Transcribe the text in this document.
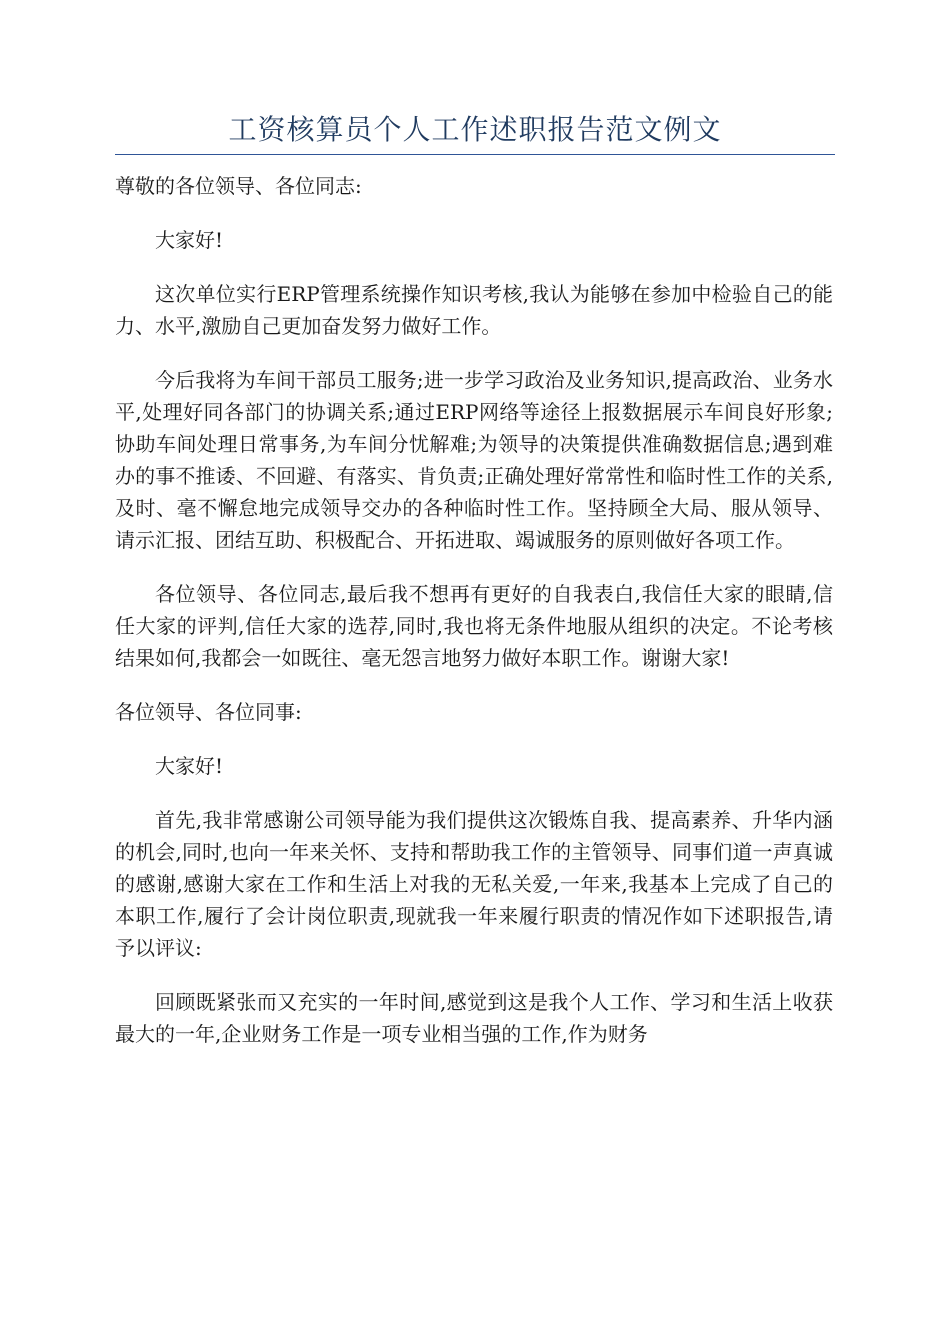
工资核算员个人工作述职报告范文例文

尊敬的各位领导、各位同志:

大家好!

这次单位实行ERP管理系统操作知识考核,我认为能够在参加中检验自己的能力、水平,激励自己更加奋发努力做好工作。

今后我将为车间干部员工服务;进一步学习政治及业务知识,提高政治、业务水平,处理好同各部门的协调关系;通过ERP网络等途径上报数据展示车间良好形象;协助车间处理日常事务,为车间分忧解难;为领导的决策提供准确数据信息;遇到难办的事不推诿、不回避、有落实、肯负责;正确处理好常常性和临时性工作的关系,及时、毫不懈怠地完成领导交办的各种临时性工作。坚持顾全大局、服从领导、请示汇报、团结互助、积极配合、开拓进取、竭诚服务的原则做好各项工作。

各位领导、各位同志,最后我不想再有更好的自我表白,我信任大家的眼睛,信任大家的评判,信任大家的选荐,同时,我也将无条件地服从组织的决定。不论考核结果如何,我都会一如既往、毫无怨言地努力做好本职工作。谢谢大家!

各位领导、各位同事:

大家好!

首先,我非常感谢公司领导能为我们提供这次锻炼自我、提高素养、升华内涵的机会,同时,也向一年来关怀、支持和帮助我工作的主管领导、同事们道一声真诚的感谢,感谢大家在工作和生活上对我的无私关爱,一年来,我基本上完成了自己的本职工作,履行了会计岗位职责,现就我一年来履行职责的情况作如下述职报告,请予以评议:

回顾既紧张而又充实的一年时间,感觉到这是我个人工作、学习和生活上收获最大的一年,企业财务工作是一项专业相当强的工作,作为财务
